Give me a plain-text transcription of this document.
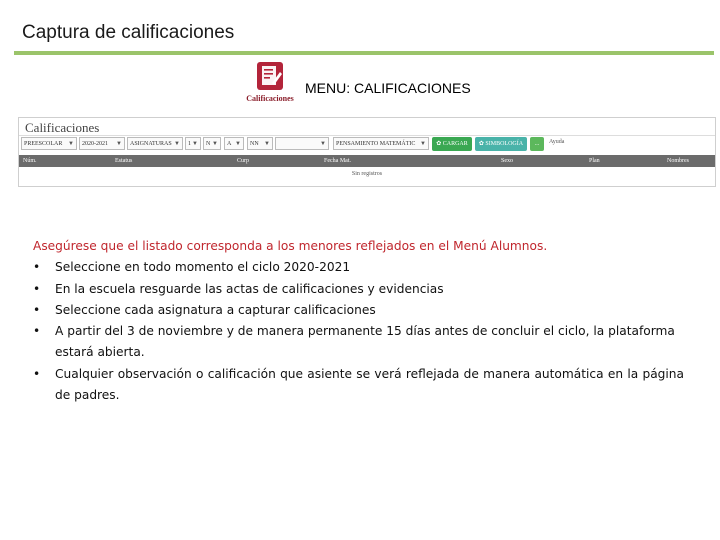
Captura de calificaciones
Calificaciones
MENU: CALIFICACIONES
Calificaciones
PREESCOLAR ▼	2020-2021 ▼	ASIGNATURAS ▼	1 ▼	N ▼	A ▼	NN ▼	▼	PENSAMIENTO MATEMÁTIC ▼	✿ CARGAR	✿ SIMBOLOGÍA	...	Ayuda
Núm.	Estatus	Curp	Fecha Mat.	Sexo	Plan	Nombres
Sin registros
Asegúrese que el listado corresponda a los menores reflejados en el Menú Alumnos.
• Seleccione en todo momento el ciclo 2020-2021
• En la escuela resguarde las actas de calificaciones y evidencias
• Seleccione cada asignatura a capturar calificaciones
• A partir del 3 de noviembre y de manera permanente 15 días antes de concluir el ciclo, la plataforma estará abierta.
• Cualquier observación o calificación que asiente se verá reflejada de manera automática en la página de padres.
